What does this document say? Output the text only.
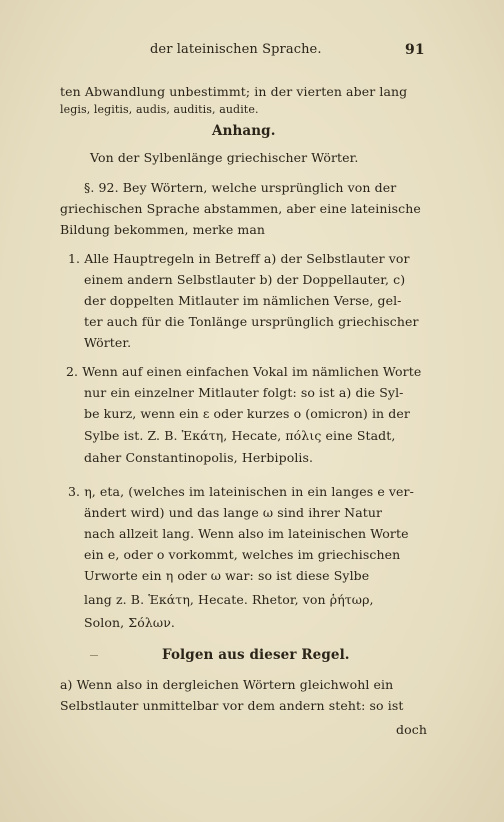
der lateinischen Sprache.	91
ten Abwandlung unbestimmt; in der vierten aber lang
legis, legitis, audis, auditis, audite.
Anhang.
Von der Sylbenlänge griechischer Wörter.
§. 92. Bey Wörtern, welche ursprünglich von der
griechischen Sprache abstammen, aber eine lateinische
Bildung bekommen, merke man
1. Alle Hauptregeln in Betreff a) der Selbstlauter vor
einem andern Selbstlauter b) der Doppellauter, c)
der doppelten Mitlauter im nämlichen Verse, gel-
ter auch für die Tonlänge ursprünglich griechischer
Wörter.
2. Wenn auf einen einfachen Vokal im nämlichen Worte
nur ein einzelner Mitlauter folgt: so ist a) die Syl-
be kurz, wenn ein ε oder kurzes o (omicron) in der
Sylbe ist. Z. B. Ἑκάτη, Hecate, πόλις eine Stadt,
daher Constantinopolis, Herbipolis.
3. η, eta, (welches im lateinischen in ein langes e ver-
ändert wird) und das lange ω sind ihrer Natur
nach allzeit lang. Wenn also im lateinischen Worte
ein e, oder o vorkommt, welches im griechischen
Urworte ein η oder ω war: so ist diese Sylbe
lang z. B. Ἑκάτη, Hecate. Rhetor, von ῥήτωρ,
Solon, Σόλων.
Folgen aus dieser Regel.
a) Wenn also in dergleichen Wörtern gleichwohl ein
Selbstlauter unmittelbar vor dem andern steht: so ist
doch
